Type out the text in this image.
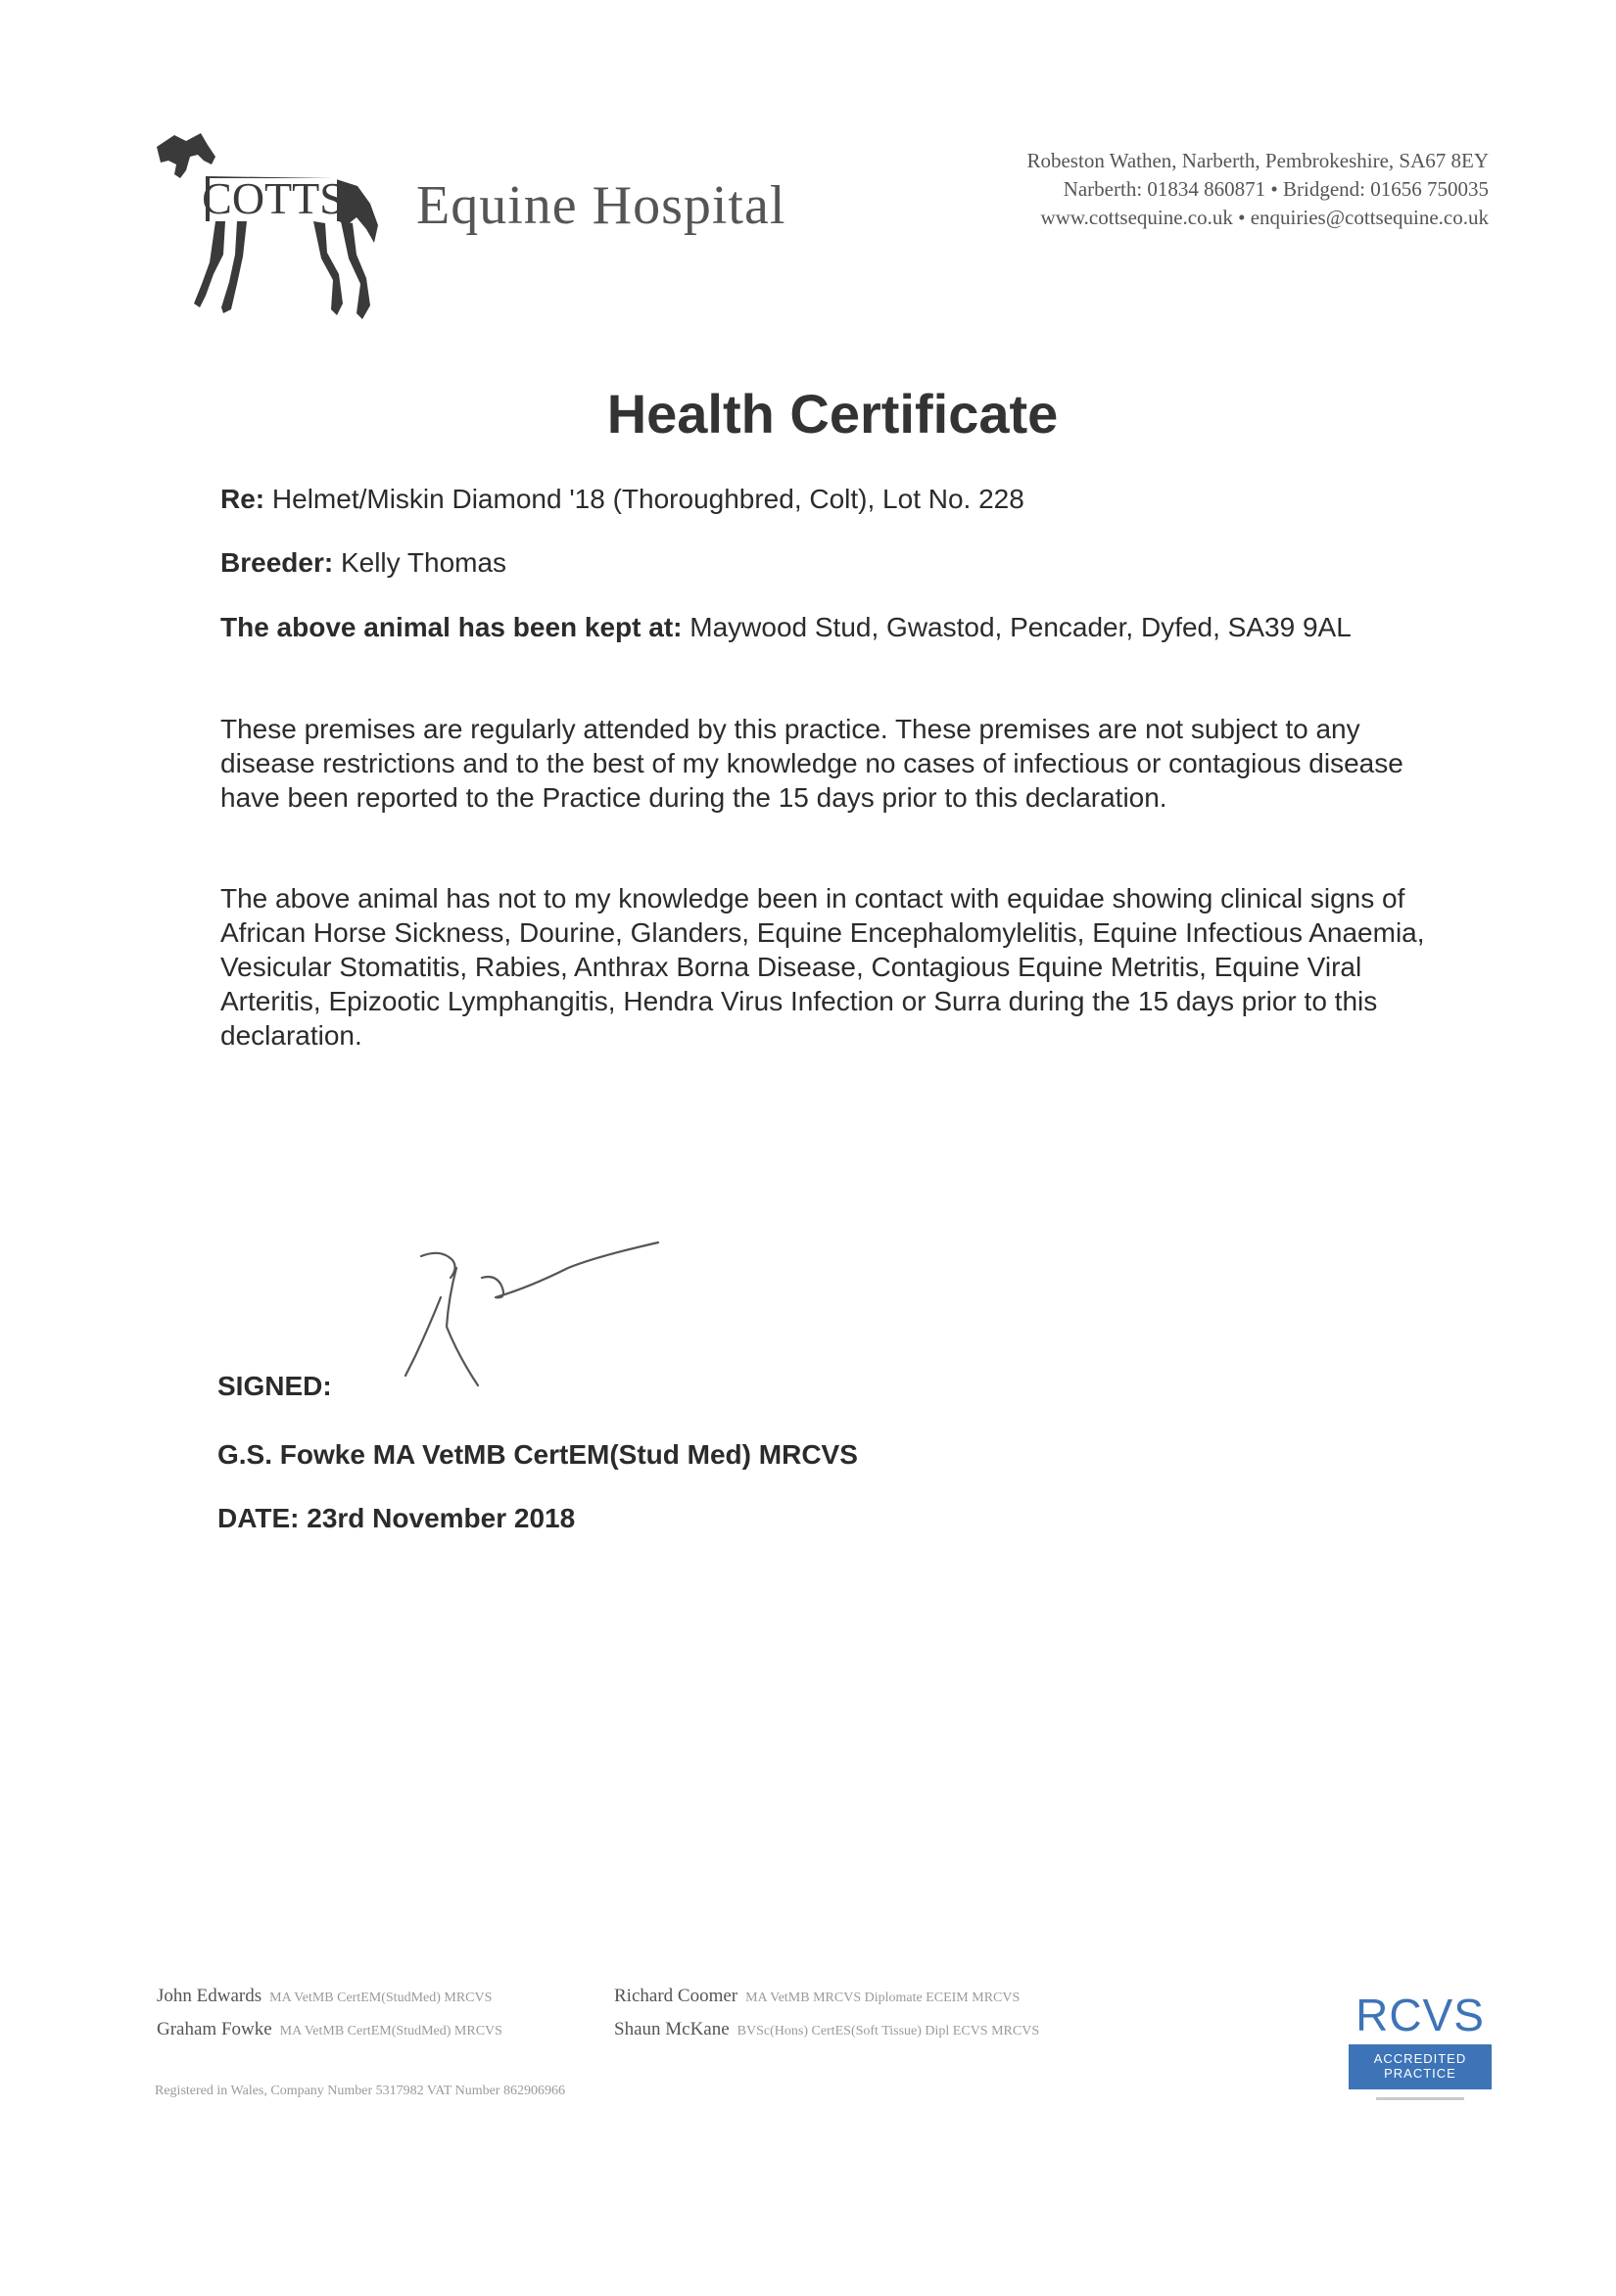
COTTS Equine Hospital
Robeston Wathen, Narberth, Pembrokeshire, SA67 8EY
Narberth: 01834 860871 • Bridgend: 01656 750035
www.cottsequine.co.uk • enquiries@cottsequine.co.uk
Health Certificate
Re: Helmet/Miskin Diamond '18 (Thoroughbred, Colt), Lot No. 228
Breeder: Kelly Thomas
The above animal has been kept at: Maywood Stud, Gwastod, Pencader, Dyfed, SA39 9AL
These premises are regularly attended by this practice. These premises are not subject to any disease restrictions and to the best of my knowledge no cases of infectious or contagious disease have been reported to the Practice during the 15 days prior to this declaration.
The above animal has not to my knowledge been in contact with equidae showing clinical signs of African Horse Sickness, Dourine, Glanders, Equine Encephalomylelitis, Equine Infectious Anaemia, Vesicular Stomatitis, Rabies, Anthrax Borna Disease, Contagious Equine Metritis, Equine Viral Arteritis, Epizootic Lymphangitis, Hendra Virus Infection or Surra during the 15 days prior to this declaration.
SIGNED:
G.S. Fowke MA VetMB CertEM(Stud Med) MRCVS
DATE: 23rd November 2018
John Edwards MA VetMB CertEM(StudMed) MRCVS
Graham Fowke MA VetMB CertEM(StudMed) MRCVS
Richard Coomer MA VetMB MRCVS Diplomate ECEIM MRCVS
Shaun McKane BVSc(Hons) CertES(Soft Tissue) Dipl ECVS MRCVS
Registered in Wales, Company Number 5317982 VAT Number 862906966
RCVS
ACCREDITED
PRACTICE
